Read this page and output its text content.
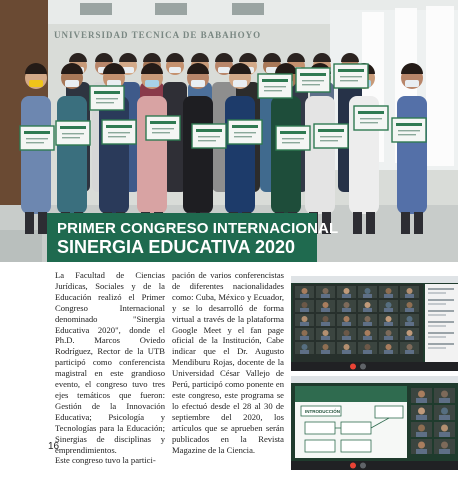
UNIVERSIDAD TECNICA DE BABAHOYO
PRIMER CONGRESO INTERNACIONAL
SINERGIA EDUCATIVA 2020

La Facultad de Ciencias Jurídicas, Sociales y de la Educación realizó el Primer Congreso Internacional denominado "Sinergia Educativa 2020", donde el Ph.D. Marcos Oviedo Rodríguez, Rector de la UTB participó como conferencista magistral en este grandioso evento, el congreso tuvo tres ejes temáticos que fueron: Gestión de la Innovación Educativa; Psicología y Tecnologías para la Educación; Sinergias de disciplinas y emprendimientos.

Este congreso tuvo la partici-

pación de varios conferencistas de diferentes nacionalidades como: Cuba, México y Ecuador, y se lo desarrolló de forma virtual a través de la plataforma Google Meet y el fan page oficial de la Institución, Cabe indicar que el Dr. Augusto Mendiburu Rojas, docente de la Universidad César Vallejo de Perú, participó como ponente en este congreso, este programa se lo efectuó desde el 28 al 30 de septiembre del 2020, los artículos que se aprueben serán publicados en la Revista Magazine de la Ciencia.

16
INTRODUCCIÓN
